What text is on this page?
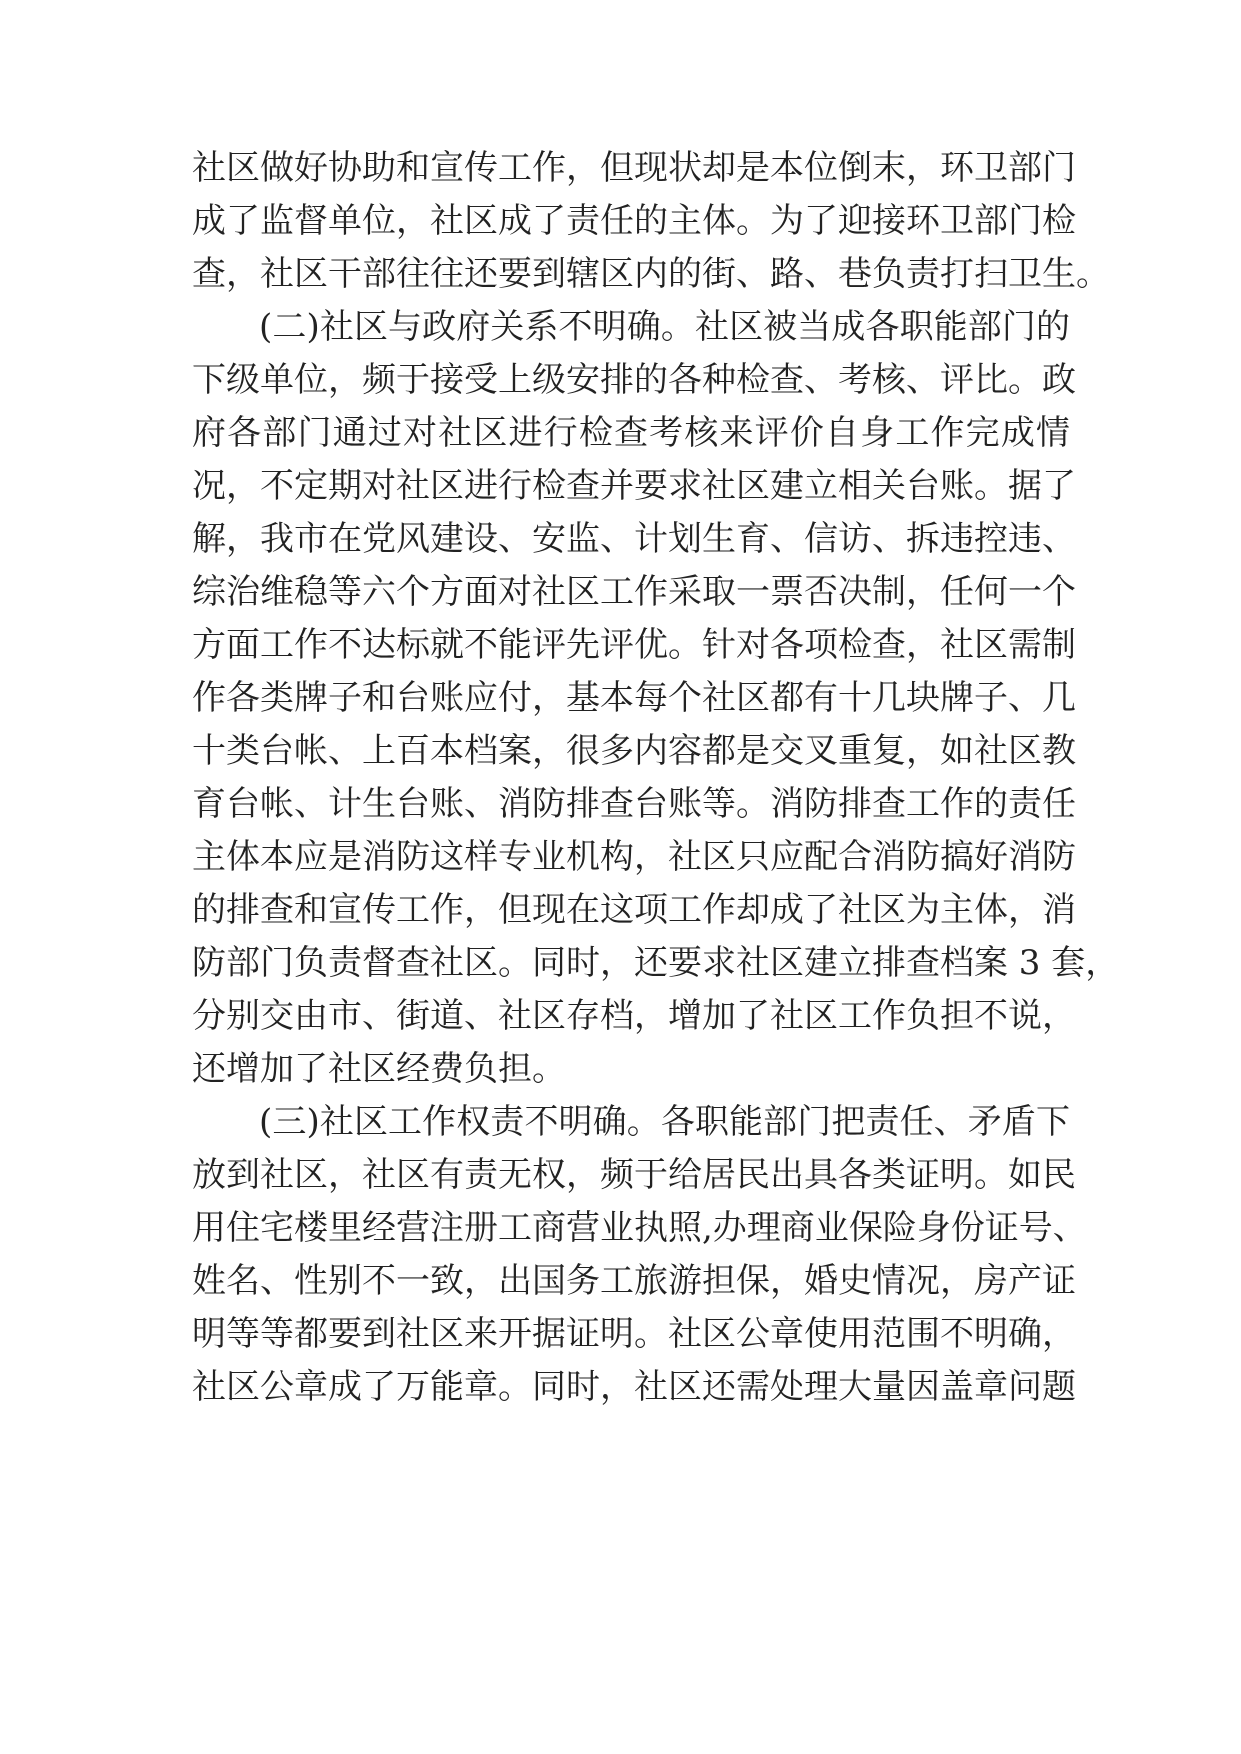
社区做好协助和宣传工作，但现状却是本位倒末，环卫部门
成了监督单位，社区成了责任的主体。为了迎接环卫部门检
查，社区干部往往还要到辖区内的街、路、巷负责打扫卫生。
(二)社区与政府关系不明确。社区被当成各职能部门的
下级单位，频于接受上级安排的各种检查、考核、评比。政
府各部门通过对社区进行检查考核来评价自身工作完成情
况，不定期对社区进行检查并要求社区建立相关台账。据了
解，我市在党风建设、安监、计划生育、信访、拆违控违、
综治维稳等六个方面对社区工作采取一票否决制，任何一个
方面工作不达标就不能评先评优。针对各项检查，社区需制
作各类牌子和台账应付，基本每个社区都有十几块牌子、几
十类台帐、上百本档案，很多内容都是交叉重复，如社区教
育台帐、计生台账、消防排查台账等。消防排查工作的责任
主体本应是消防这样专业机构，社区只应配合消防搞好消防
的排查和宣传工作，但现在这项工作却成了社区为主体，消
防部门负责督查社区。同时，还要求社区建立排查档案 3 套，
分别交由市、街道、社区存档，增加了社区工作负担不说，
还增加了社区经费负担。
(三)社区工作权责不明确。各职能部门把责任、矛盾下
放到社区，社区有责无权，频于给居民出具各类证明。如民
用住宅楼里经营注册工商营业执照,办理商业保险身份证号、
姓名、性别不一致，出国务工旅游担保，婚史情况，房产证
明等等都要到社区来开据证明。社区公章使用范围不明确，
社区公章成了万能章。同时，社区还需处理大量因盖章问题
